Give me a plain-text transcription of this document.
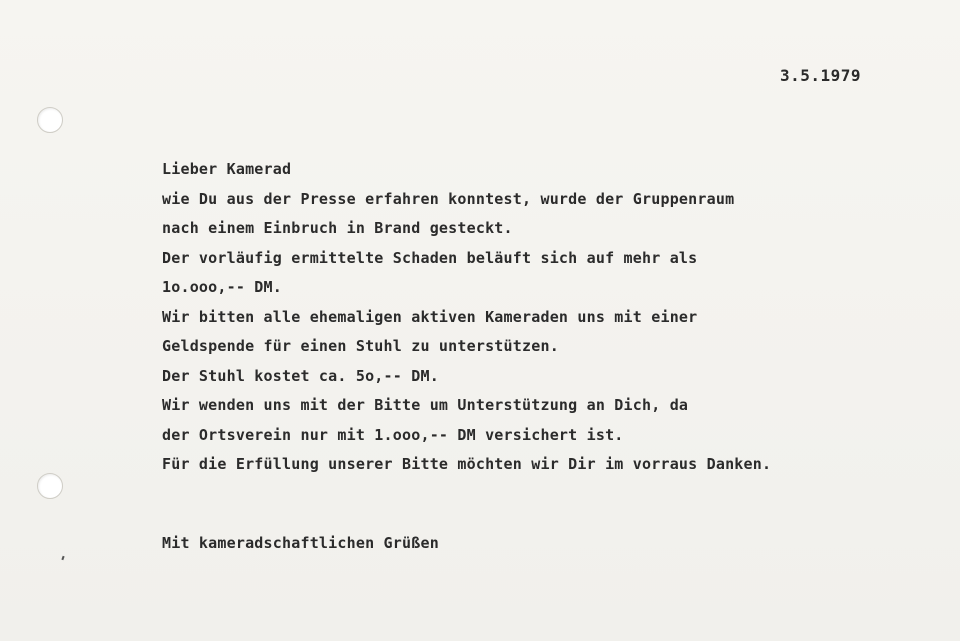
3.5.1979
Lieber Kamerad
wie Du aus der Presse erfahren konntest, wurde der Gruppenraum
nach einem Einbruch in Brand gesteckt.
Der vorläufig ermittelte Schaden beläuft sich auf mehr als
1o.ooo,-- DM.
Wir bitten alle ehemaligen aktiven Kameraden uns mit einer
Geldspende für einen Stuhl zu unterstützen.
Der Stuhl kostet ca. 5o,-- DM.
Wir wenden uns mit der Bitte um Unterstützung an Dich, da
der Ortsverein nur mit 1.ooo,-- DM versichert ist.
Für die Erfüllung unserer Bitte möchten wir Dir im vorraus Danken.
Mit kameradschaftlichen Grüßen
